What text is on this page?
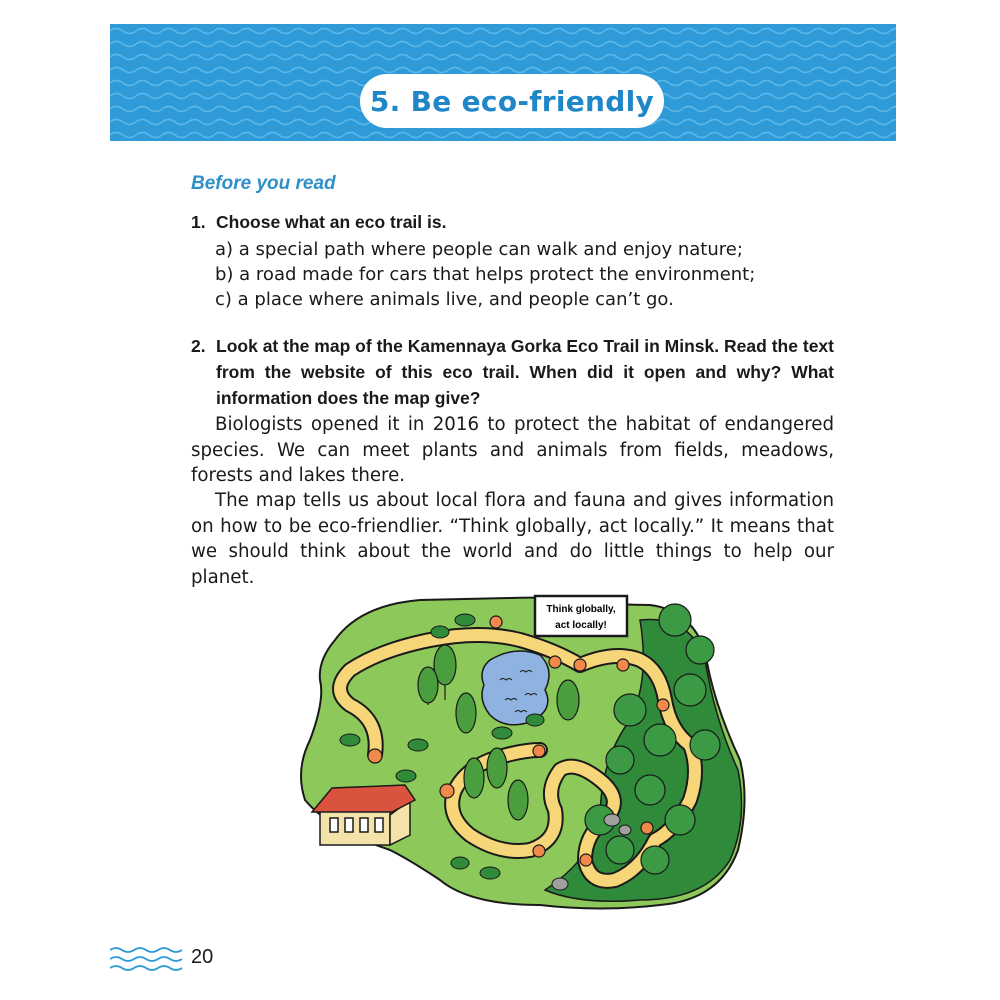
5. Be eco-friendly
Before you read
1. Choose what an eco trail is.
a) a special path where people can walk and enjoy nature;
b) a road made for cars that helps protect the environment;
c) a place where animals live, and people can’t go.
2. Look at the map of the Kamennaya Gorka Eco Trail in Minsk. Read the text from the website of this eco trail. When did it open and why? What information does the map give?
Biologists opened it in 2016 to protect the habitat of endangered species. We can meet plants and animals from fields, meadows, forests and lakes there.
The map tells us about local flora and fauna and gives information on how to be eco-friendlier. “Think globally, act locally.” It means that we should think about the world and do little things to help our planet.
Think globally,
act locally!
20
